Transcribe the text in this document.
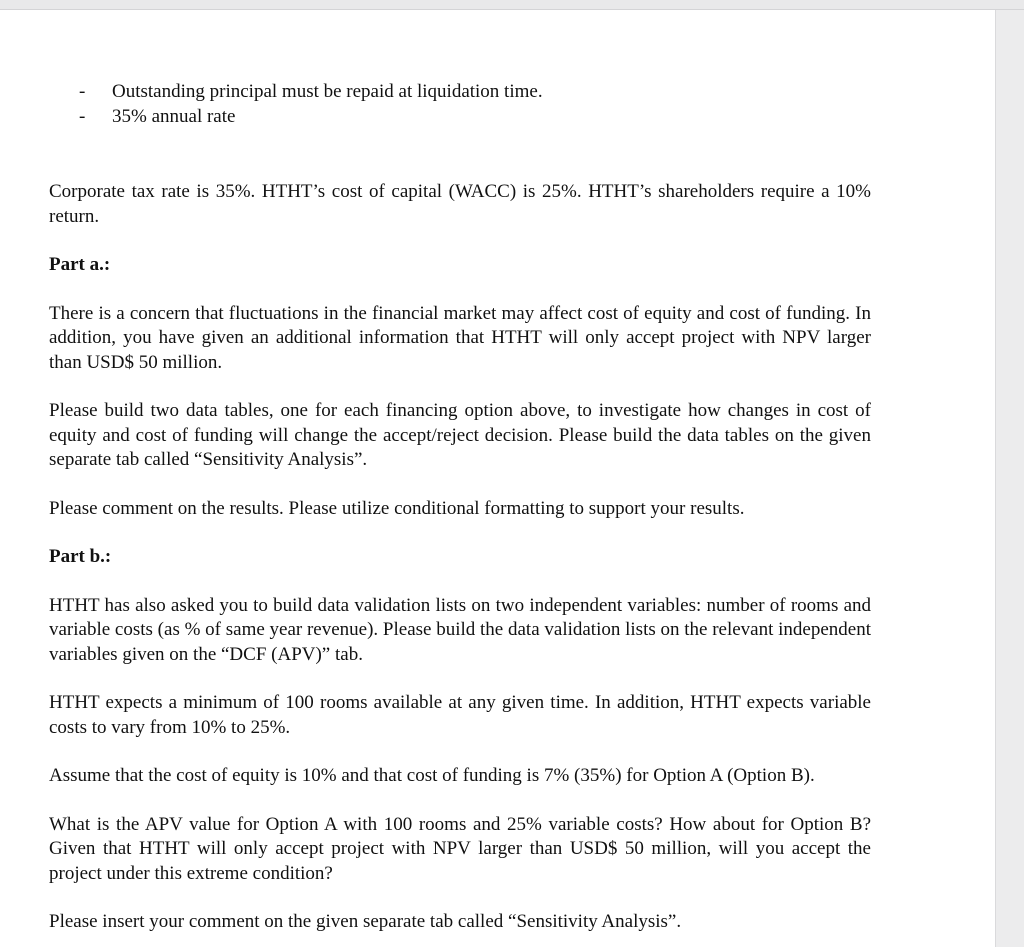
- Outstanding principal must be repaid at liquidation time.
- 35% annual rate

Corporate tax rate is 35%. HTHT’s cost of capital (WACC) is 25%. HTHT’s shareholders require a 10% return.

Part a.:

There is a concern that fluctuations in the financial market may affect cost of equity and cost of funding. In addition, you have given an additional information that HTHT will only accept project with NPV larger than USD$ 50 million.

Please build two data tables, one for each financing option above, to investigate how changes in cost of equity and cost of funding will change the accept/reject decision. Please build the data tables on the given separate tab called “Sensitivity Analysis”.

Please comment on the results. Please utilize conditional formatting to support your results.

Part b.:

HTHT has also asked you to build data validation lists on two independent variables: number of rooms and variable costs (as % of same year revenue). Please build the data validation lists on the relevant independent variables given on the “DCF (APV)” tab.

HTHT expects a minimum of 100 rooms available at any given time. In addition, HTHT expects variable costs to vary from 10% to 25%.

Assume that the cost of equity is 10% and that cost of funding is 7% (35%) for Option A (Option B).

What is the APV value for Option A with 100 rooms and 25% variable costs? How about for Option B? Given that HTHT will only accept project with NPV larger than USD$ 50 million, will you accept the project under this extreme condition?

Please insert your comment on the given separate tab called “Sensitivity Analysis”.
